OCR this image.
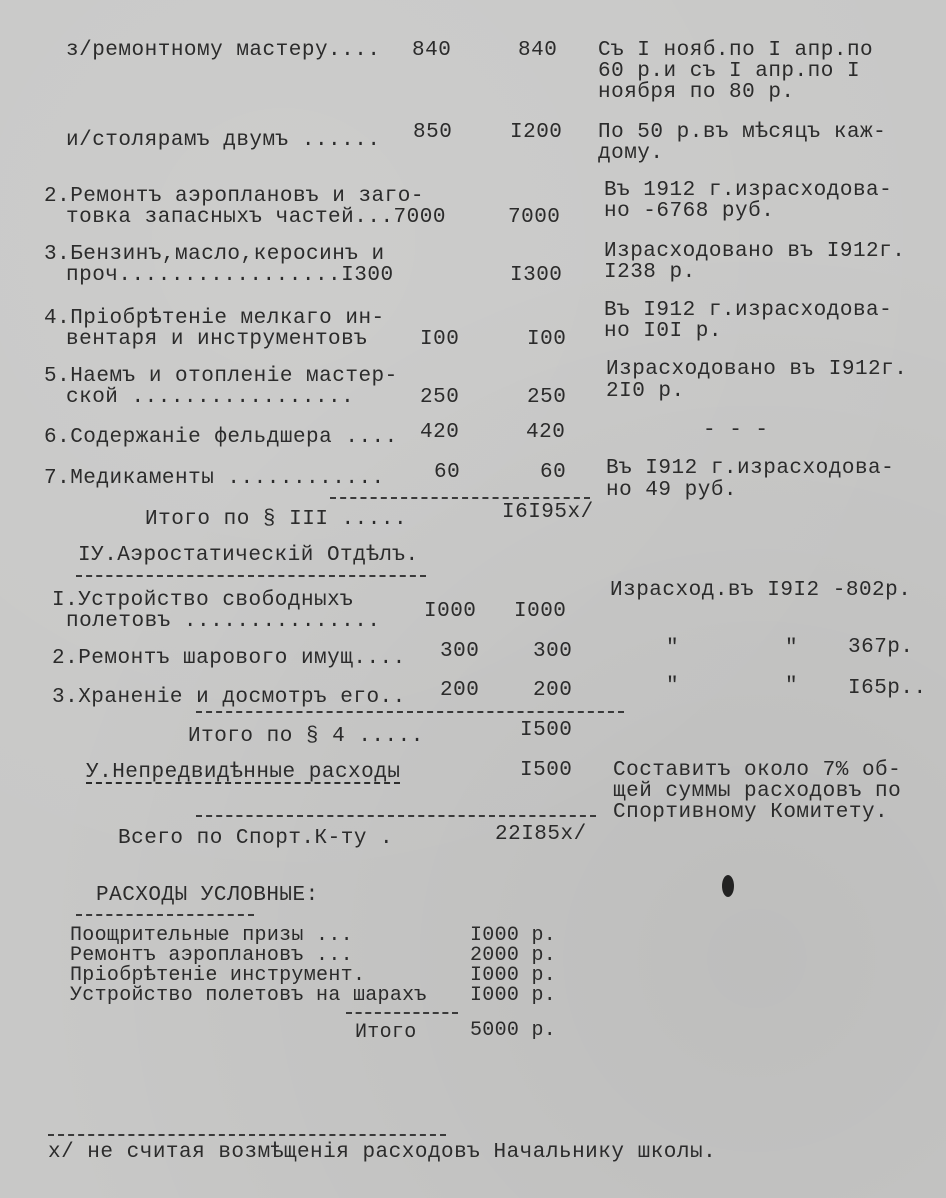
з/ремонтному мастеру.... 840	840 Съ I нояб.по I апр.по
60 р.и съ I апр.по I
ноября по 80 р.
и/столярамъ двумъ ...... 850	I200 По 50 р.въ мѣсяцъ каж-
дому.
2.Ремонтъ аэроплановъ и заго-
товка запасныхъ частей...7000	7000
Въ 1912 г.израсходова-
но -6768 руб.
3.Бензинъ,масло,керосинъ и
проч.................I300	I300
Израсходовано въ I912г.
I238 р.
4.Пріобрѣтеніе мелкаго ин-
вентаря и инструментовъ	I00	I00
Въ I912 г.израсходова-
но I0I р.
5.Наемъ и отопленіе мастер-
ской .................	250	250
Израсходовано въ I912г.
2I0 р.
6.Содержаніе фельдшера .... 420	420	- - -
7.Медикаменты ............ 60	60 Въ I912 г.израсходова-
но 49 руб.
Итого по § III .....	I6I95х/
IУ.Аэростатическій Отдѣлъ.
I.Устройство свободныхъ
полетовъ ............... I000 I000
Израсход.въ I9I2 -802р.
2.Ремонтъ шарового имущ.... 300	300	"	" 367р.
3.Храненіе и досмотръ его.. 200	200	"	" I65р..
Итого по § 4 .....	I500
У.Непредвидѣнные расходы	I500 Составитъ около 7% об-
щей суммы расходовъ по
Спортивному Комитету.
Всего по Спорт.К-ту .	22I85х/
РАСХОДЫ УСЛОВНЫЕ:
Поощрительные призы ...	I000 р.
Ремонтъ аэроплановъ ...	2000 р.
Пріобрѣтеніе инструмент.	I000 р.
Устройство полетовъ на шарахъ I000 р.
Итого	5000 р.
х/ не считая возмѣщенія расходовъ Начальнику школы.
